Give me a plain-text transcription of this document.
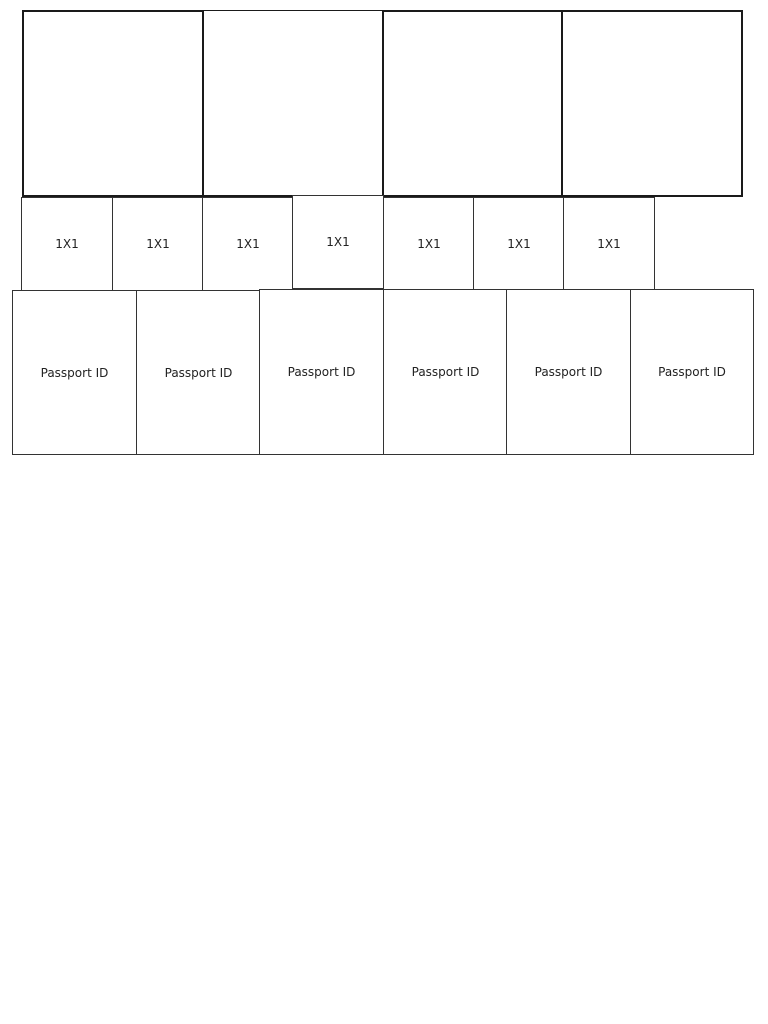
1X1	1X1	1X1	1X1	1X1	1X1	1X1
Passport ID	Passport ID	Passport ID	Passport ID	Passport ID	Passport ID
